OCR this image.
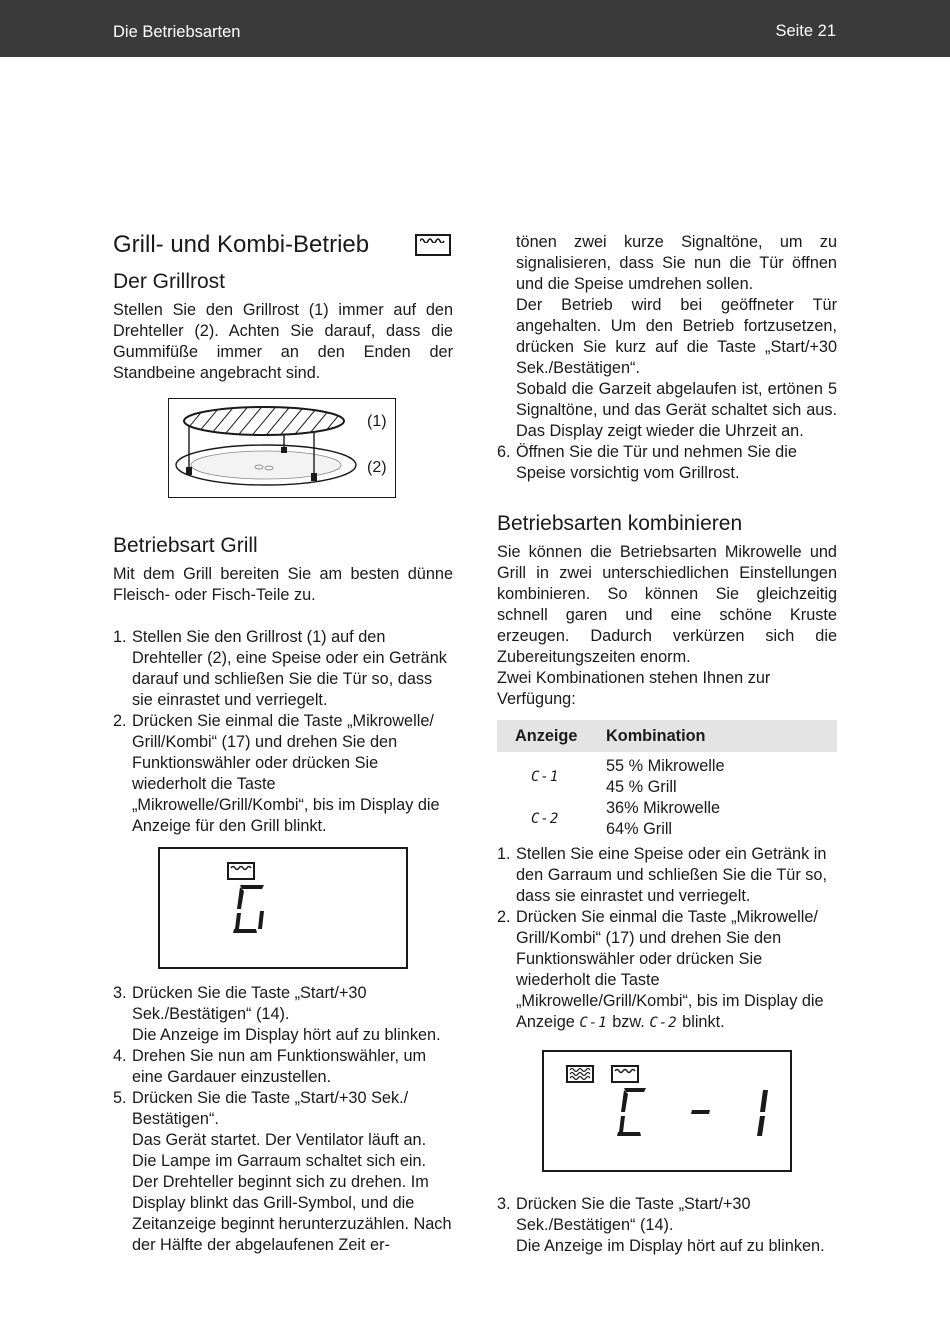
Die Betriebsarten	Seite 21
Grill- und Kombi-Betrieb
Der Grillrost

Stellen Sie den Grillrost (1) immer auf den Drehteller (2). Achten Sie darauf, dass die Gummifüße immer an den Enden der Standbeine angebracht sind.

(1)
(2)
Betriebsart Grill

Mit dem Grill bereiten Sie am besten dünne Fleisch- oder Fisch-Teile zu.

1. Stellen Sie den Grillrost (1) auf den Drehteller (2), eine Speise oder ein Getränk darauf und schließen Sie die Tür so, dass sie einrastet und verriegelt.
2. Drücken Sie einmal die Taste „Mikrowelle/ Grill/Kombi“ (17) und drehen Sie den Funktionswähler oder drücken Sie wiederholt die Taste „Mikrowelle/Grill/Kombi“, bis im Display die Anzeige für den Grill blinkt.
3. Drücken Sie die Taste „Start/+30 Sek./Bestätigen“ (14).
Die Anzeige im Display hört auf zu blinken.
4. Drehen Sie nun am Funktionswähler, um eine Gardauer einzustellen.
5. Drücken Sie die Taste „Start/+30 Sek./ Bestätigen“.
Das Gerät startet. Der Ventilator läuft an. Die Lampe im Garraum schaltet sich ein. Der Drehteller beginnt sich zu drehen. Im Display blinkt das Grill-Symbol, und die Zeitanzeige beginnt herunterzuzählen. Nach der Hälfte der abgelaufenen Zeit er-

tönen zwei kurze Signaltöne, um zu signalisieren, dass Sie nun die Tür öffnen und die Speise umdrehen sollen.

Der Betrieb wird bei geöffneter Tür angehalten. Um den Betrieb fortzusetzen, drücken Sie kurz auf die Taste „Start/+30 Sek./Bestätigen“.

Sobald die Garzeit abgelaufen ist, ertönen 5 Signaltöne, und das Gerät schaltet sich aus. Das Display zeigt wieder die Uhrzeit an.

6. Öffnen Sie die Tür und nehmen Sie die Speise vorsichtig vom Grillrost.
Betriebsarten kombinieren

Sie können die Betriebsarten Mikrowelle und Grill in zwei unterschiedlichen Einstellungen kombinieren. So können Sie gleichzeitig schnell garen und eine schöne Kruste erzeugen. Dadurch verkürzen sich die Zubereitungszeiten enorm.

Zwei Kombinationen stehen Ihnen zur Verfügung:

Anzeige	Kombination
C-1	55 % Mikrowelle
45 % Grill
C-2	36% Mikrowelle
64% Grill
1. Stellen Sie eine Speise oder ein Getränk in den Garraum und schließen Sie die Tür so, dass sie einrastet und verriegelt.
2. Drücken Sie einmal die Taste „Mikrowelle/ Grill/Kombi“ (17) und drehen Sie den Funktionswähler oder drücken Sie wiederholt die Taste „Mikrowelle/Grill/Kombi“, bis im Display die Anzeige C-1 bzw. C-2 blinkt.
3. Drücken Sie die Taste „Start/+30 Sek./Bestätigen“ (14).
Die Anzeige im Display hört auf zu blinken.
